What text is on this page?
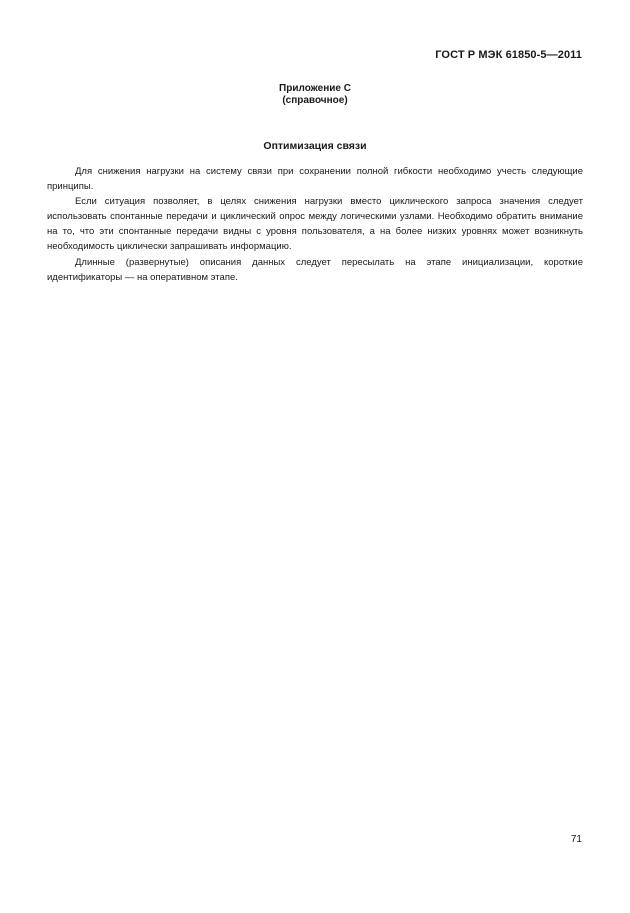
ГОСТ Р МЭК 61850-5—2011
Приложение С
(справочное)
Оптимизация связи

Для снижения нагрузки на систему связи при сохранении полной гибкости необходимо учесть следующие принципы.

Если ситуация позволяет, в целях снижения нагрузки вместо циклического запроса значения следует использовать спонтанные передачи и циклический опрос между логическими узлами. Необходимо обратить внимание на то, что эти спонтанные передачи видны с уровня пользователя, а на более низких уровнях может возникнуть необходимость циклически запрашивать информацию.

Длинные (развернутые) описания данных следует пересылать на этапе инициализации, короткие идентификаторы — на оперативном этапе.

71
